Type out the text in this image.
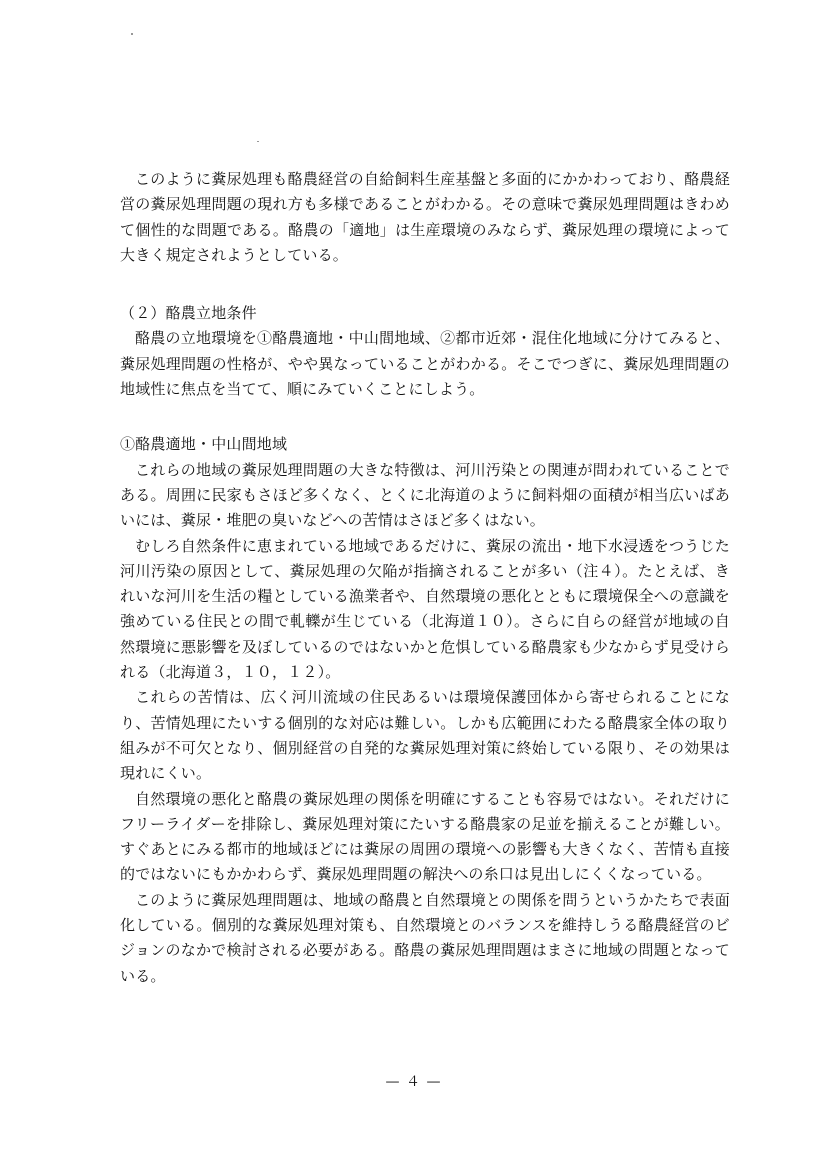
このように糞尿処理も酪農経営の自給飼料生産基盤と多面的にかかわっており、酪農経営の糞尿処理問題の現れ方も多様であることがわかる。その意味で糞尿処理問題はきわめて個性的な問題である。酪農の「適地」は生産環境のみならず、糞尿処理の環境によって大きく規定されようとしている。

（２）酪農立地条件

酪農の立地環境を①酪農適地・中山間地域、②都市近郊・混住化地域に分けてみると、糞尿処理問題の性格が、やや異なっていることがわかる。そこでつぎに、糞尿処理問題の地域性に焦点を当てて、順にみていくことにしよう。

①酪農適地・中山間地域

これらの地域の糞尿処理問題の大きな特徴は、河川汚染との関連が問われていることである。周囲に民家もさほど多くなく、とくに北海道のように飼料畑の面積が相当広いばあいには、糞尿・堆肥の臭いなどへの苦情はさほど多くはない。

むしろ自然条件に恵まれている地域であるだけに、糞尿の流出・地下水浸透をつうじた河川汚染の原因として、糞尿処理の欠陥が指摘されることが多い（注４）。たとえば、きれいな河川を生活の糧としている漁業者や、自然環境の悪化とともに環境保全への意識を強めている住民との間で軋轢が生じている（北海道１０）。さらに自らの経営が地域の自然環境に悪影響を及ぼしているのではないかと危惧している酪農家も少なからず見受けられる（北海道３，１０，１２）。

これらの苦情は、広く河川流域の住民あるいは環境保護団体から寄せられることになり、苦情処理にたいする個別的な対応は難しい。しかも広範囲にわたる酪農家全体の取り組みが不可欠となり、個別経営の自発的な糞尿処理対策に終始している限り、その効果は現れにくい。

自然環境の悪化と酪農の糞尿処理の関係を明確にすることも容易ではない。それだけにフリーライダーを排除し、糞尿処理対策にたいする酪農家の足並を揃えることが難しい。すぐあとにみる都市的地域ほどには糞尿の周囲の環境への影響も大きくなく、苦情も直接的ではないにもかかわらず、糞尿処理問題の解決への糸口は見出しにくくなっている。

このように糞尿処理問題は、地域の酪農と自然環境との関係を問うというかたちで表面化している。個別的な糞尿処理対策も、自然環境とのバランスを維持しうる酪農経営のビジョンのなかで検討される必要がある。酪農の糞尿処理問題はまさに地域の問題となっている。

— ４ —
